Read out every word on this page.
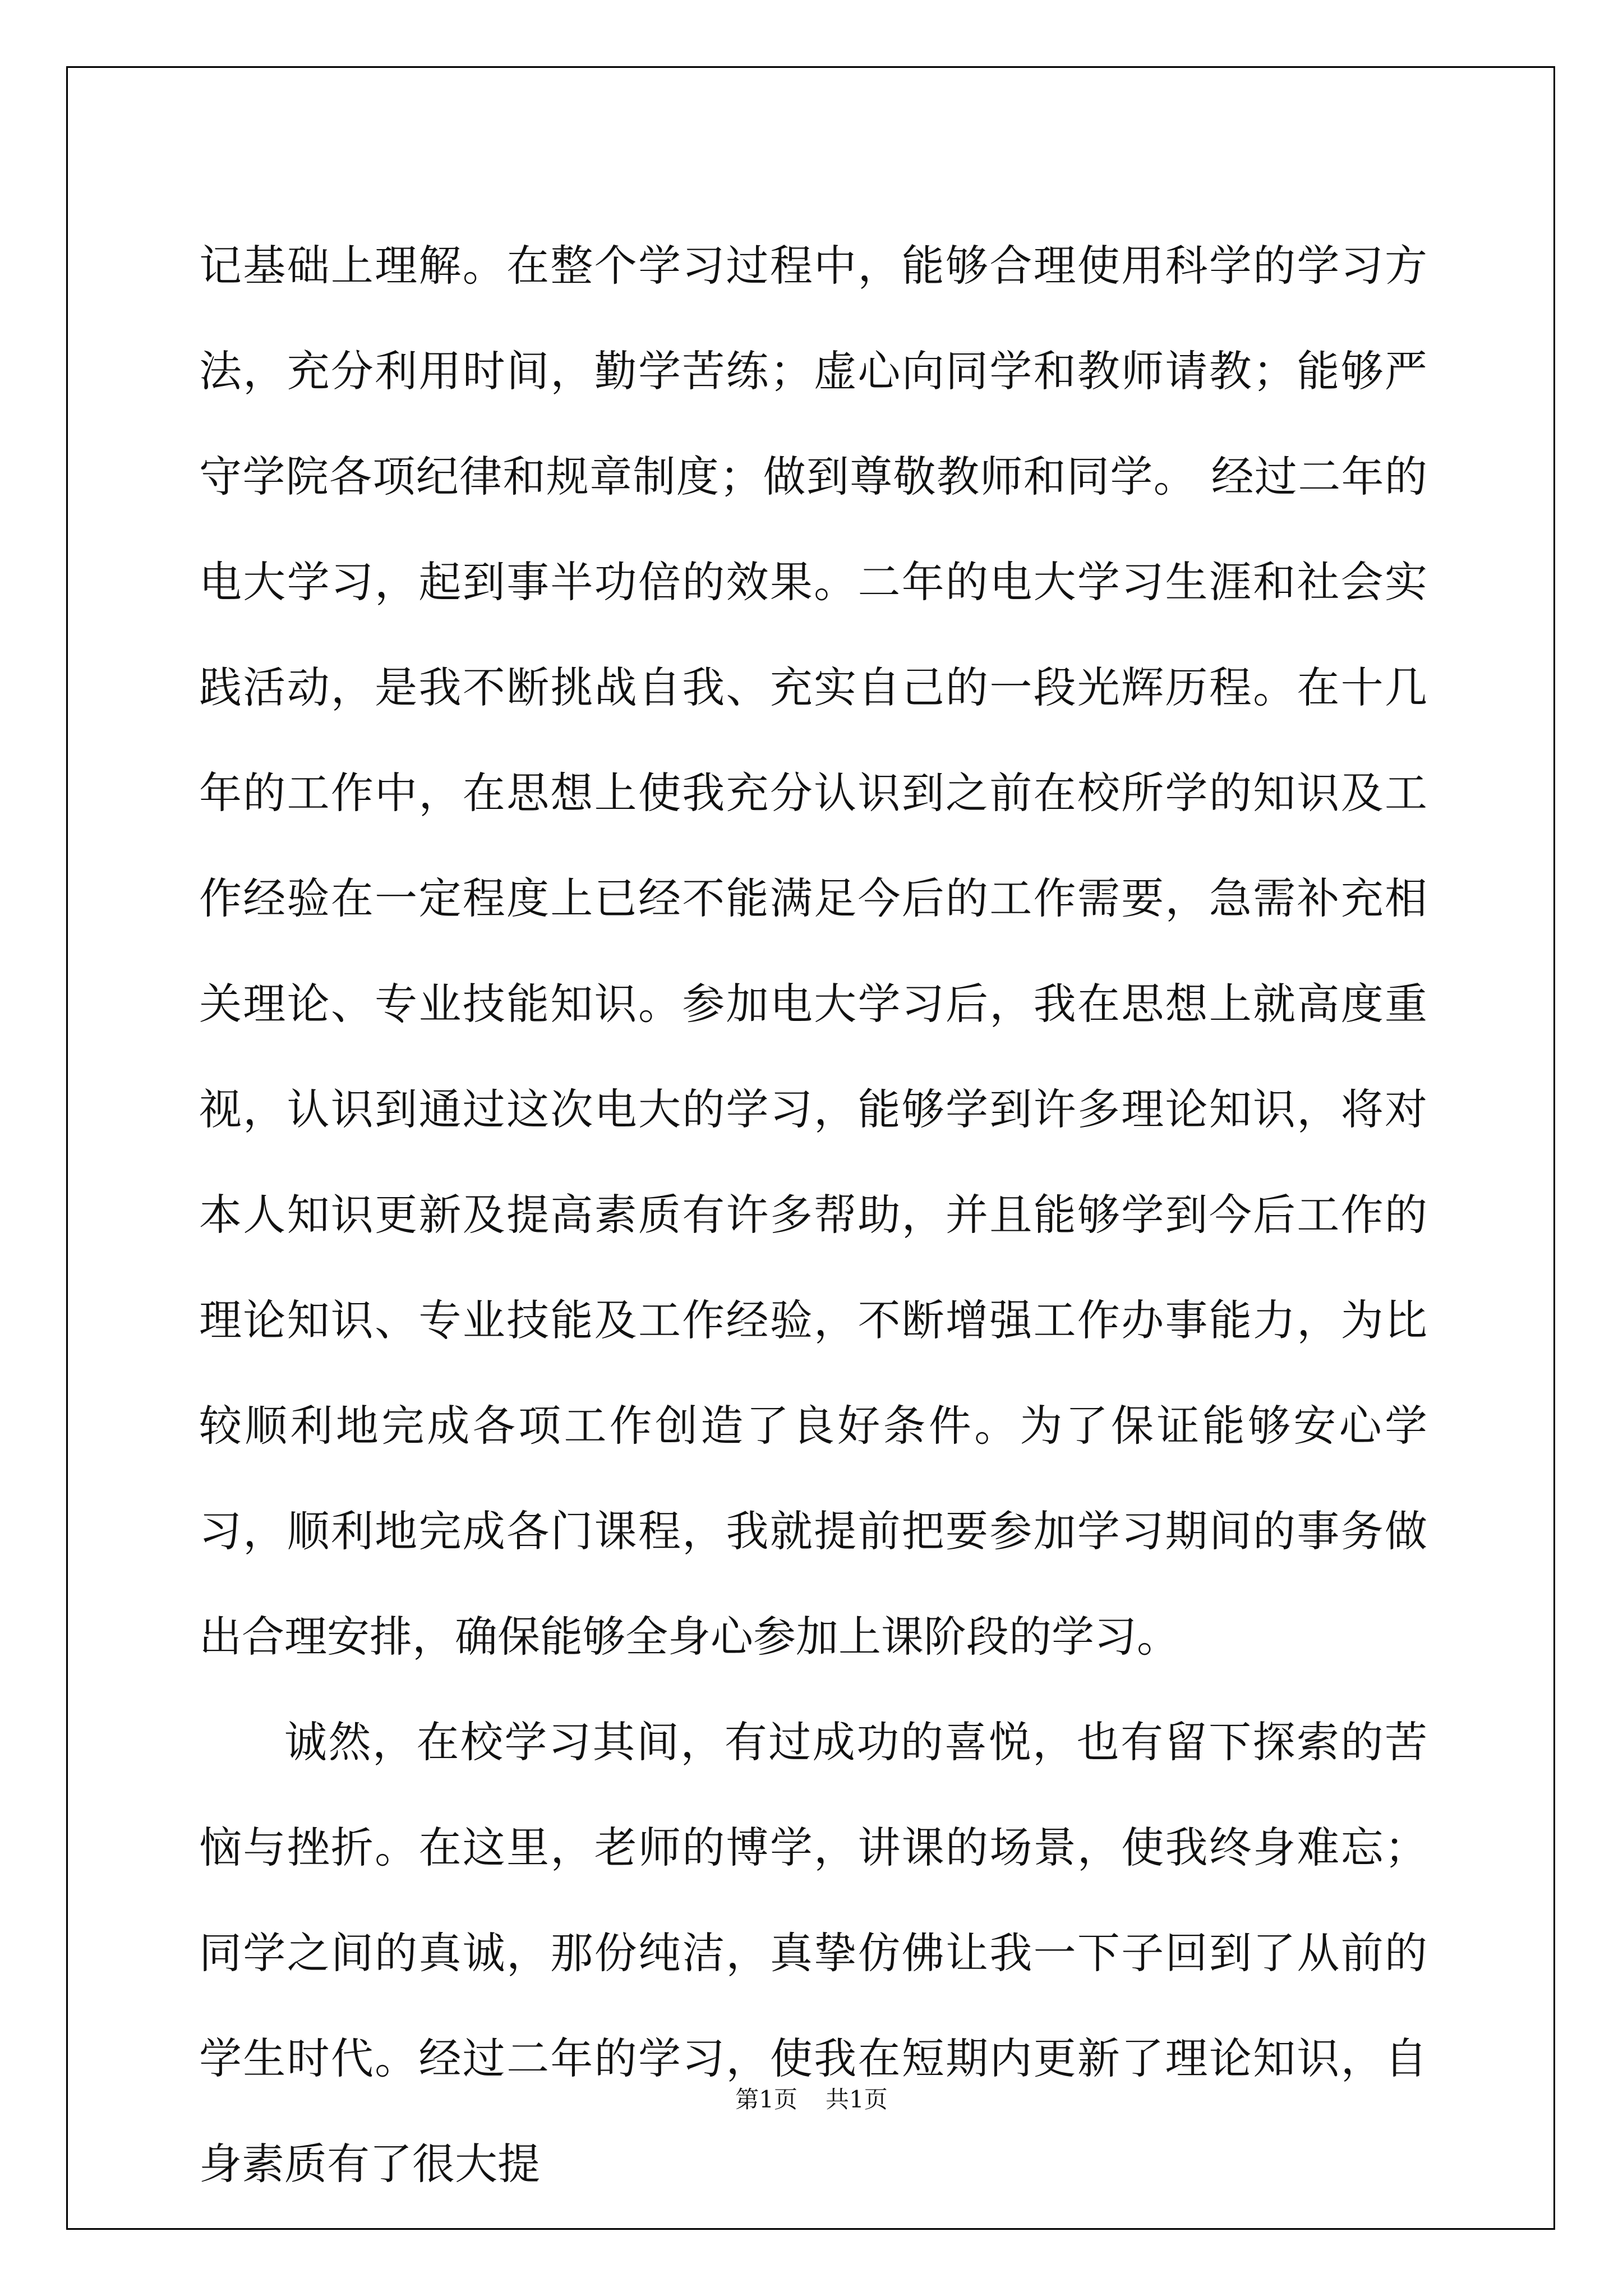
记基础上理解。在整个学习过程中，能够合理使用科学的学习方法，充分利用时间，勤学苦练；虚心向同学和教师请教；能够严守学院各项纪律和规章制度；做到尊敬教师和同学。 经过二年的电大学习，起到事半功倍的效果。二年的电大学习生涯和社会实践活动，是我不断挑战自我、充实自己的一段光辉历程。在十几年的工作中，在思想上使我充分认识到之前在校所学的知识及工作经验在一定程度上已经不能满足今后的工作需要，急需补充相关理论、专业技能知识。参加电大学习后，我在思想上就高度重视，认识到通过这次电大的学习，能够学到许多理论知识，将对本人知识更新及提高素质有许多帮助，并且能够学到今后工作的理论知识、专业技能及工作经验，不断增强工作办事能力，为比较顺利地完成各项工作创造了良好条件。为了保证能够安心学习，顺利地完成各门课程，我就提前把要参加学习期间的事务做出合理安排，确保能够全身心参加上课阶段的学习。

诚然，在校学习其间，有过成功的喜悦，也有留下探索的苦恼与挫折。在这里，老师的博学，讲课的场景，使我终身难忘；同学之间的真诚，那份纯洁，真挚仿佛让我一下子回到了从前的学生时代。经过二年的学习，使我在短期内更新了理论知识，自身素质有了很大提

第1页 共1页
